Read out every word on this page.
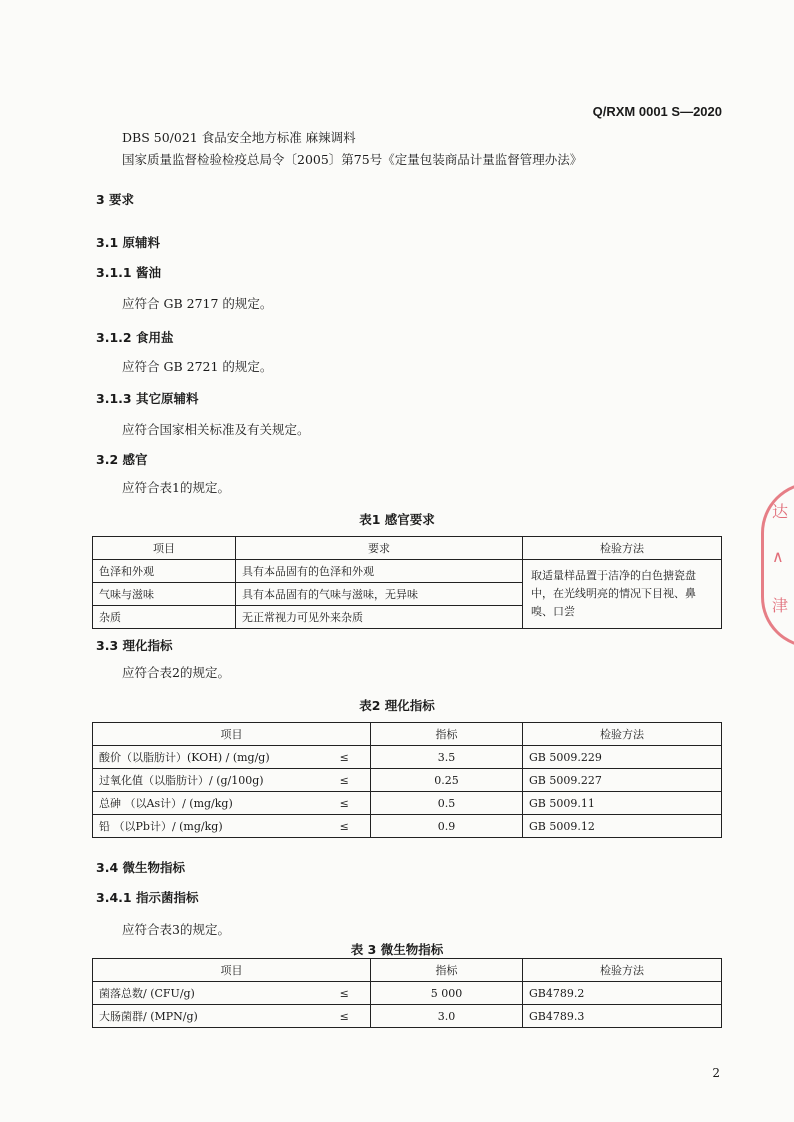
Q/RXM 0001 S—2020
DBS 50/021 食品安全地方标准 麻辣调料
国家质量监督检验检疫总局令〔2005〕第75号《定量包装商品计量监督管理办法》
3 要求
3.1 原辅料
3.1.1 酱油
应符合 GB 2717 的规定。
3.1.2 食用盐
应符合 GB 2721 的规定。
3.1.3 其它原辅料
应符合国家相关标准及有关规定。
3.2 感官
应符合表1的规定。
表1 感官要求
项目	要求	检验方法
色泽和外观	具有本品固有的色泽和外观	取适量样品置于洁净的白色搪瓷盘中，在光线明亮的情况下目视、鼻嗅、口尝
气味与滋味	具有本品固有的气味与滋味，无异味	
杂质	无正常视力可见外来杂质	
3.3 理化指标
应符合表2的规定。
表2 理化指标
项目		指标	检验方法
酸价（以脂肪计）(KOH) / (mg/g)	≤	3.5	GB 5009.229
过氧化值（以脂肪计）/ (g/100g)	≤	0.25	GB 5009.227
总砷 （以As计）/ (mg/kg)	≤	0.5	GB 5009.11
铅 （以Pb计）/ (mg/kg)	≤	0.9	GB 5009.12
3.4 微生物指标
3.4.1 指示菌指标
应符合表3的规定。
表 3 微生物指标
项目		指标	检验方法
菌落总数/ (CFU/g)	≤	5 000	GB4789.2
大肠菌群/ (MPN/g)	≤	3.0	GB4789.3
2
达
∧
津
